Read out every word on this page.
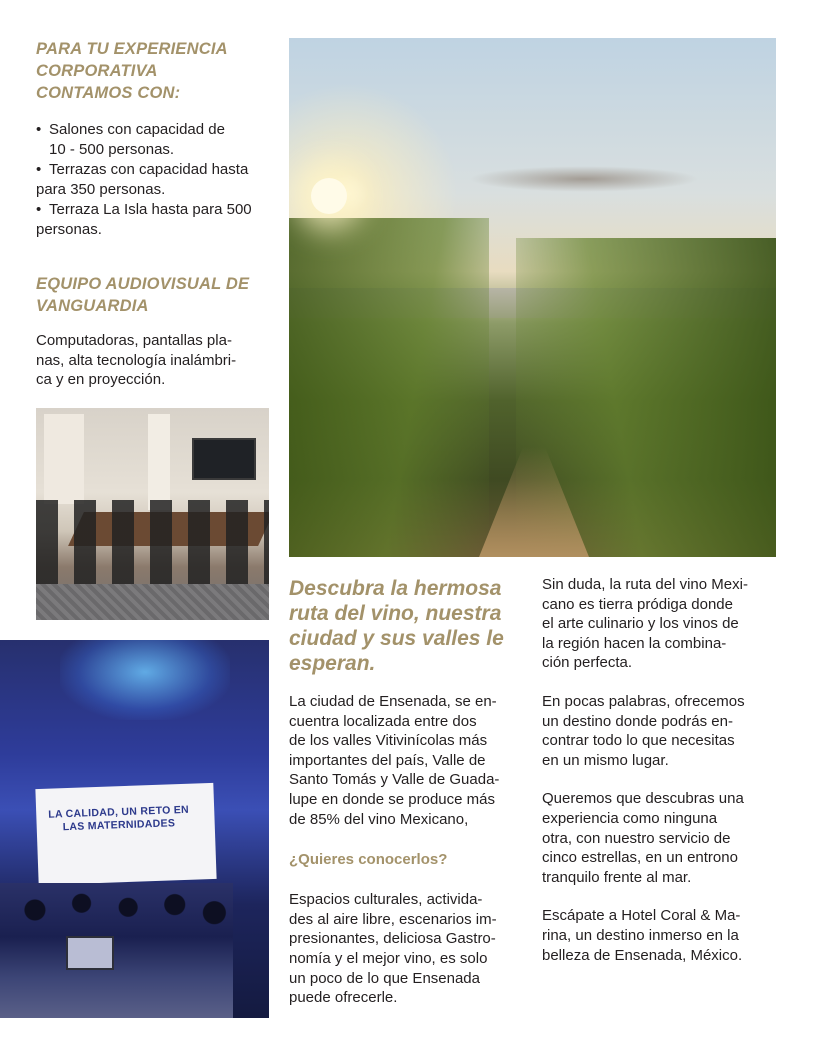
PARA TU EXPERIENCIA
CORPORATIVA
CONTAMOS CON:
• Salones con capacidad de
10 - 500 personas.
• Terrazas con capacidad hasta
para 350 personas.
• Terraza La Isla hasta para 500
personas.
EQUIPO AUDIOVISUAL DE
VANGUARDIA
Computadoras, pantallas pla-
nas, alta tecnología inalámbri-
ca y en proyección.
LA CALIDAD, UN RETO EN
LAS MATERNIDADES
Descubra la hermosa
ruta del vino, nuestra
ciudad y sus valles le
esperan.
La ciudad de Ensenada, se en-
cuentra localizada entre dos
de los valles Vitivinícolas más
importantes del país, Valle de
Santo Tomás y Valle de Guada-
lupe en donde se produce más
de 85% del vino Mexicano,
¿Quieres conocerlos?
Espacios culturales, activida-
des al aire libre, escenarios im-
presionantes, deliciosa Gastro-
nomía y el mejor vino, es solo
un poco de lo que Ensenada
puede ofrecerle.
Sin duda, la ruta del vino Mexi-
cano es tierra pródiga donde
el arte culinario y los vinos de
la región hacen la combina-
ción perfecta.
En pocas palabras, ofrecemos
un destino donde podrás en-
contrar todo lo que necesitas
en un mismo lugar.
Queremos que descubras una
experiencia como ninguna
otra, con nuestro servicio de
cinco estrellas, en un entrono
tranquilo frente al mar.
Escápate a Hotel Coral & Ma-
rina, un destino inmerso en la
belleza de Ensenada, México.
